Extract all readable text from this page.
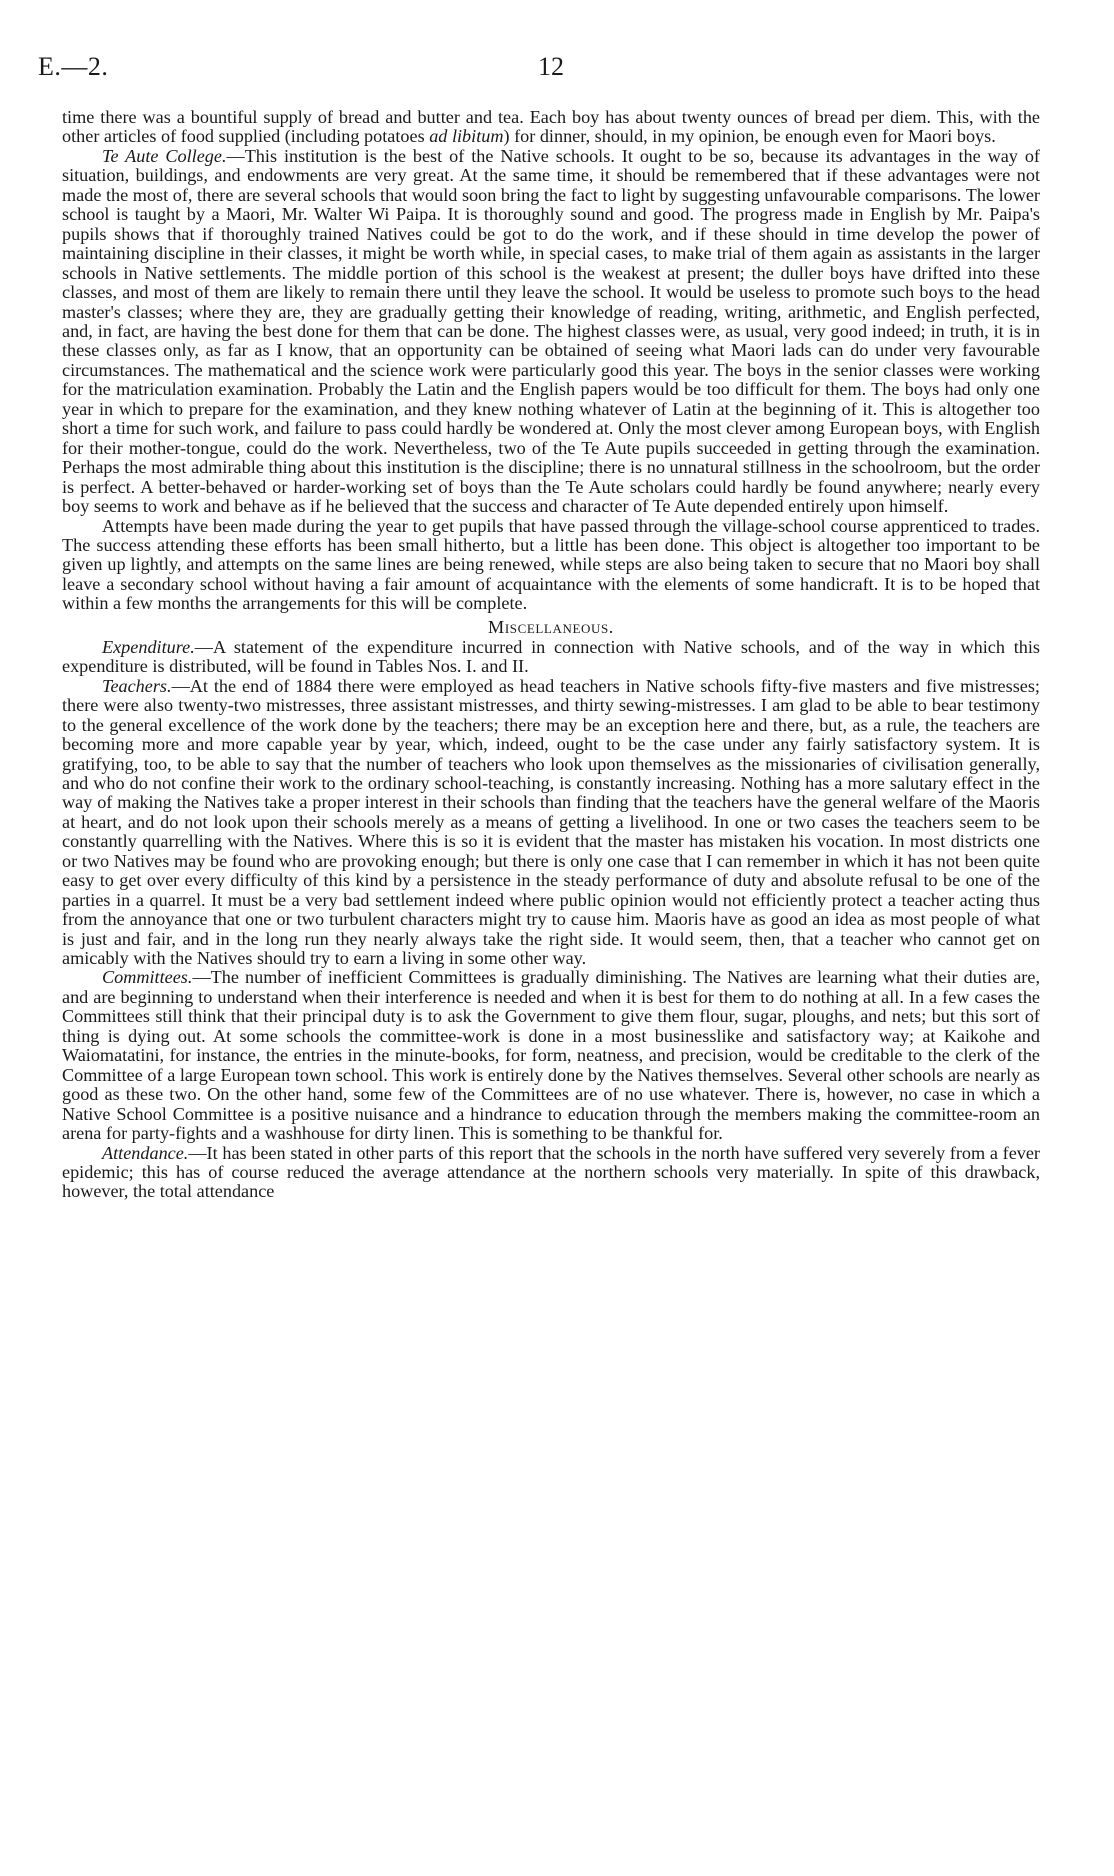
E.—2.	12

time there was a bountiful supply of bread and butter and tea. Each boy has about twenty ounces of bread per diem. This, with the other articles of food supplied (including potatoes ad libitum) for dinner, should, in my opinion, be enough even for Maori boys.

Te Aute College.—This institution is the best of the Native schools. It ought to be so, because its advantages in the way of situation, buildings, and endowments are very great. At the same time, it should be remembered that if these advantages were not made the most of, there are several schools that would soon bring the fact to light by suggesting unfavourable comparisons. The lower school is taught by a Maori, Mr. Walter Wi Paipa. It is thoroughly sound and good. The progress made in English by Mr. Paipa's pupils shows that if thoroughly trained Natives could be got to do the work, and if these should in time develop the power of maintaining discipline in their classes, it might be worth while, in special cases, to make trial of them again as assistants in the larger schools in Native settlements. The middle portion of this school is the weakest at present; the duller boys have drifted into these classes, and most of them are likely to remain there until they leave the school. It would be useless to promote such boys to the head master's classes; where they are, they are gradually getting their knowledge of reading, writing, arithmetic, and English perfected, and, in fact, are having the best done for them that can be done. The highest classes were, as usual, very good indeed; in truth, it is in these classes only, as far as I know, that an opportunity can be obtained of seeing what Maori lads can do under very favourable circumstances. The mathematical and the science work were particularly good this year. The boys in the senior classes were working for the matriculation examination. Probably the Latin and the English papers would be too difficult for them. The boys had only one year in which to prepare for the examination, and they knew nothing whatever of Latin at the beginning of it. This is altogether too short a time for such work, and failure to pass could hardly be wondered at. Only the most clever among European boys, with English for their mother-tongue, could do the work. Nevertheless, two of the Te Aute pupils succeeded in getting through the examination. Perhaps the most admirable thing about this institution is the discipline; there is no unnatural stillness in the schoolroom, but the order is perfect. A better-behaved or harder-working set of boys than the Te Aute scholars could hardly be found anywhere; nearly every boy seems to work and behave as if he believed that the success and character of Te Aute depended entirely upon himself.

Attempts have been made during the year to get pupils that have passed through the village-school course apprenticed to trades. The success attending these efforts has been small hitherto, but a little has been done. This object is altogether too important to be given up lightly, and attempts on the same lines are being renewed, while steps are also being taken to secure that no Maori boy shall leave a secondary school without having a fair amount of acquaintance with the elements of some handicraft. It is to be hoped that within a few months the arrangements for this will be complete.

Miscellaneous.

Expenditure.—A statement of the expenditure incurred in connection with Native schools, and of the way in which this expenditure is distributed, will be found in Tables Nos. I. and II.

Teachers.—At the end of 1884 there were employed as head teachers in Native schools fifty-five masters and five mistresses; there were also twenty-two mistresses, three assistant mistresses, and thirty sewing-mistresses. I am glad to be able to bear testimony to the general excellence of the work done by the teachers; there may be an exception here and there, but, as a rule, the teachers are becoming more and more capable year by year, which, indeed, ought to be the case under any fairly satisfactory system. It is gratifying, too, to be able to say that the number of teachers who look upon themselves as the missionaries of civilisation generally, and who do not confine their work to the ordinary school-teaching, is constantly increasing. Nothing has a more salutary effect in the way of making the Natives take a proper interest in their schools than finding that the teachers have the general welfare of the Maoris at heart, and do not look upon their schools merely as a means of getting a livelihood. In one or two cases the teachers seem to be constantly quarrelling with the Natives. Where this is so it is evident that the master has mistaken his vocation. In most districts one or two Natives may be found who are provoking enough; but there is only one case that I can remember in which it has not been quite easy to get over every difficulty of this kind by a persistence in the steady performance of duty and absolute refusal to be one of the parties in a quarrel. It must be a very bad settlement indeed where public opinion would not efficiently protect a teacher acting thus from the annoyance that one or two turbulent characters might try to cause him. Maoris have as good an idea as most people of what is just and fair, and in the long run they nearly always take the right side. It would seem, then, that a teacher who cannot get on amicably with the Natives should try to earn a living in some other way.

Committees.—The number of inefficient Committees is gradually diminishing. The Natives are learning what their duties are, and are beginning to understand when their interference is needed and when it is best for them to do nothing at all. In a few cases the Committees still think that their principal duty is to ask the Government to give them flour, sugar, ploughs, and nets; but this sort of thing is dying out. At some schools the committee-work is done in a most businesslike and satisfactory way; at Kaikohe and Waiomatatini, for instance, the entries in the minute-books, for form, neatness, and precision, would be creditable to the clerk of the Committee of a large European town school. This work is entirely done by the Natives themselves. Several other schools are nearly as good as these two. On the other hand, some few of the Committees are of no use whatever. There is, however, no case in which a Native School Committee is a positive nuisance and a hindrance to education through the members making the committee-room an arena for party-fights and a washhouse for dirty linen. This is something to be thankful for.

Attendance.—It has been stated in other parts of this report that the schools in the north have suffered very severely from a fever epidemic; this has of course reduced the average attendance at the northern schools very materially. In spite of this drawback, however, the total attendance
